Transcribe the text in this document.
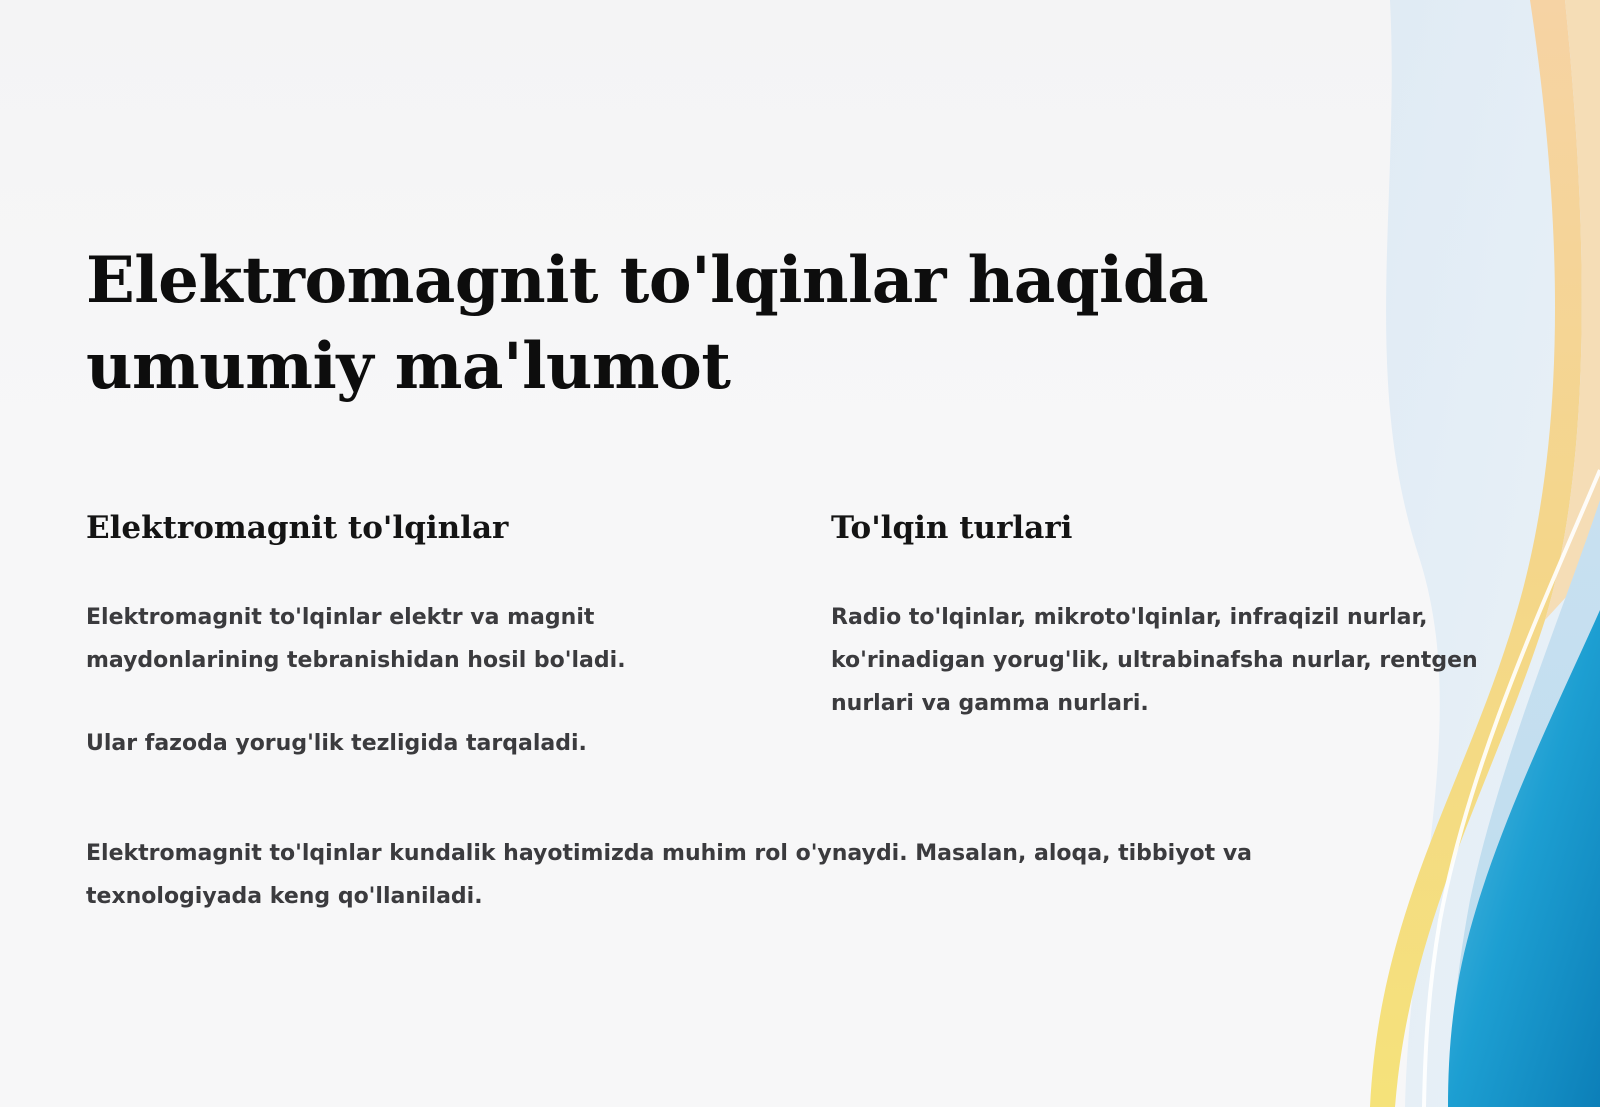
Elektromagnit to'lqinlar haqida umumiy ma'lumot
Elektromagnit to'lqinlar	To'lqin turlari

Elektromagnit to'lqinlar elektr va magnit maydonlarining tebranishidan hosil bo'ladi.

Ular fazoda yorug'lik tezligida tarqaladi.

Radio to'lqinlar, mikroto'lqinlar, infraqizil nurlar, ko'rinadigan yorug'lik, ultrabinafsha nurlar, rentgen nurlari va gamma nurlari.

Elektromagnit to'lqinlar kundalik hayotimizda muhim rol o'ynaydi. Masalan, aloqa, tibbiyot va texnologiyada keng qo'llaniladi.
